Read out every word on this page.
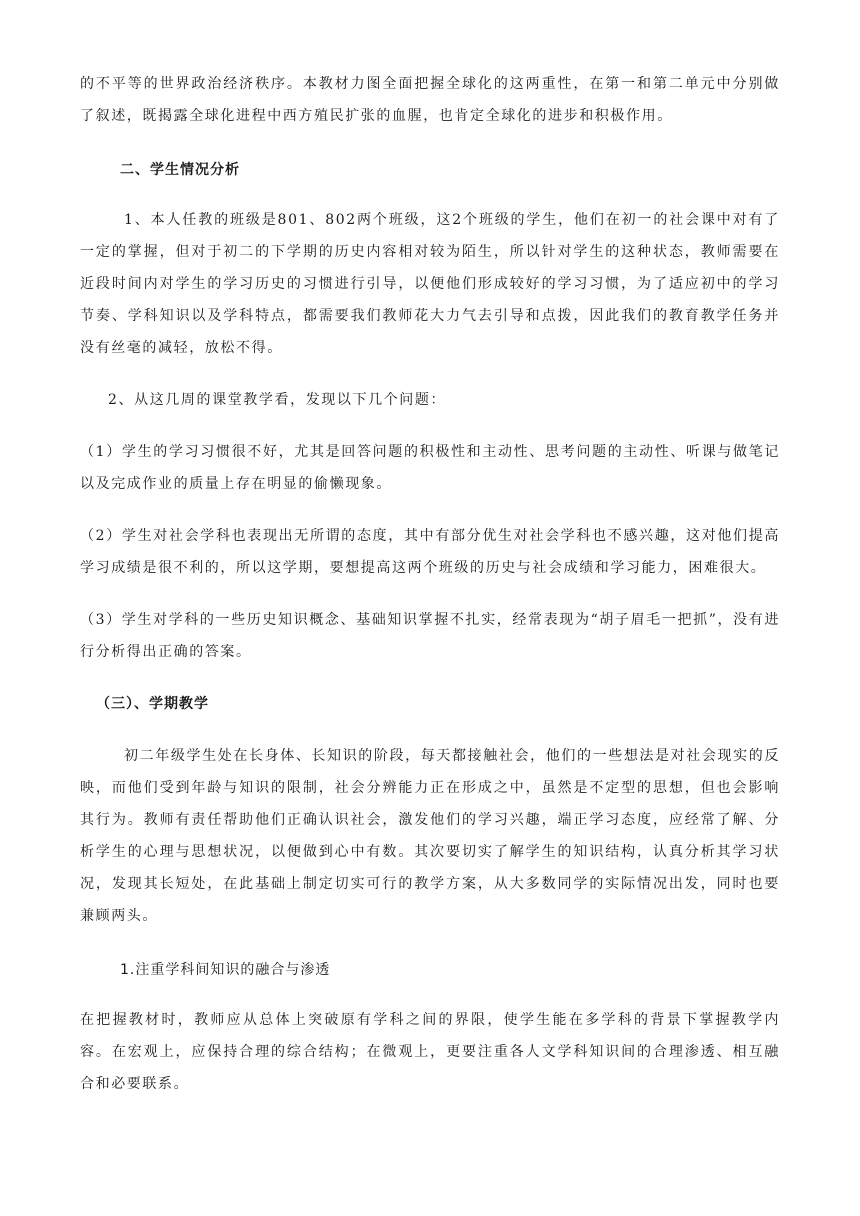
的不平等的世界政治经济秩序。本教材力图全面把握全球化的这两重性，在第一和第二单元中分别做了叙述，既揭露全球化进程中西方殖民扩张的血腥，也肯定全球化的进步和积极作用。

二、学生情况分析

1、本人任教的班级是801、802两个班级，这2个班级的学生，他们在初一的社会课中对有了一定的掌握，但对于初二的下学期的历史内容相对较为陌生，所以针对学生的这种状态，教师需要在近段时间内对学生的学习历史的习惯进行引导，以便他们形成较好的学习习惯，为了适应初中的学习节奏、学科知识以及学科特点，都需要我们教师花大力气去引导和点拨，因此我们的教育教学任务并没有丝毫的减轻，放松不得。

2、从这几周的课堂教学看，发现以下几个问题：

（1）学生的学习习惯很不好，尤其是回答问题的积极性和主动性、思考问题的主动性、听课与做笔记以及完成作业的质量上存在明显的偷懒现象。

（2）学生对社会学科也表现出无所谓的态度，其中有部分优生对社会学科也不感兴趣，这对他们提高学习成绩是很不利的，所以这学期，要想提高这两个班级的历史与社会成绩和学习能力，困难很大。

（3）学生对学科的一些历史知识概念、基础知识掌握不扎实，经常表现为“胡子眉毛一把抓”，没有进行分析得出正确的答案。

（三）、学期教学

初二年级学生处在长身体、长知识的阶段，每天都接触社会，他们的一些想法是对社会现实的反映，而他们受到年龄与知识的限制，社会分辨能力正在形成之中，虽然是不定型的思想，但也会影响其行为。教师有责任帮助他们正确认识社会，激发他们的学习兴趣，端正学习态度，应经常了解、分析学生的心理与思想状况，以便做到心中有数。其次要切实了解学生的知识结构，认真分析其学习状况，发现其长短处，在此基础上制定切实可行的教学方案，从大多数同学的实际情况出发，同时也要兼顾两头。

1.注重学科间知识的融合与渗透

在把握教材时，教师应从总体上突破原有学科之间的界限，使学生能在多学科的背景下掌握教学内容。在宏观上，应保持合理的综合结构；在微观上，更要注重各人文学科知识间的合理渗透、相互融合和必要联系。
